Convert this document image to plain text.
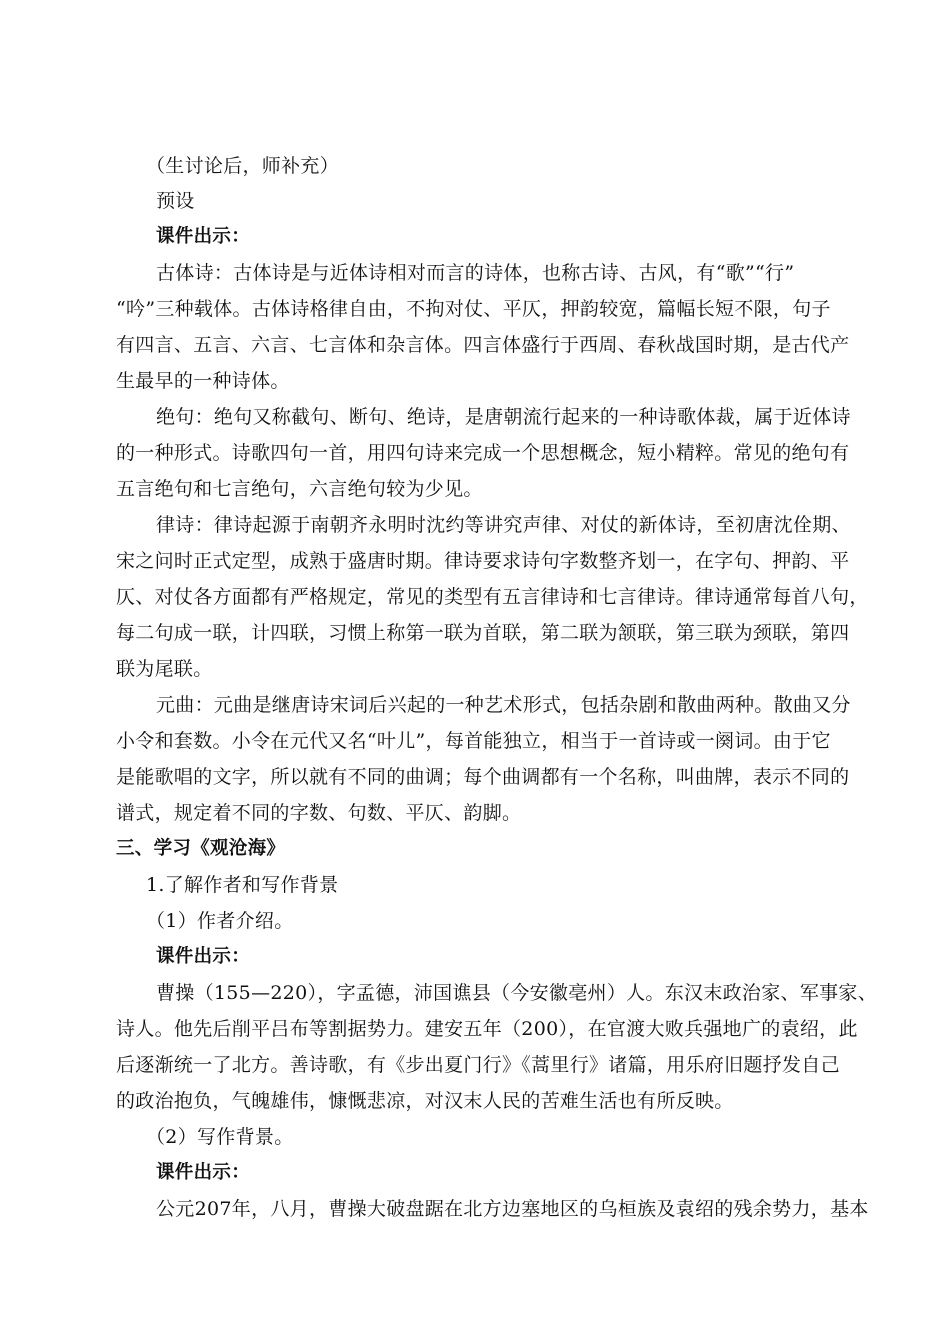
（生讨论后，师补充）
预设
课件出示：
古体诗：古体诗是与近体诗相对而言的诗体，也称古诗、古风，有“歌”“行”
“吟”三种载体。古体诗格律自由，不拘对仗、平仄，押韵较宽，篇幅长短不限，句子
有四言、五言、六言、七言体和杂言体。四言体盛行于西周、春秋战国时期，是古代产
生最早的一种诗体。
绝句：绝句又称截句、断句、绝诗，是唐朝流行起来的一种诗歌体裁，属于近体诗
的一种形式。诗歌四句一首，用四句诗来完成一个思想概念，短小精粹。常见的绝句有
五言绝句和七言绝句，六言绝句较为少见。
律诗：律诗起源于南朝齐永明时沈约等讲究声律、对仗的新体诗，至初唐沈佺期、
宋之问时正式定型，成熟于盛唐时期。律诗要求诗句字数整齐划一，在字句、押韵、平
仄、对仗各方面都有严格规定，常见的类型有五言律诗和七言律诗。律诗通常每首八句，
每二句成一联，计四联，习惯上称第一联为首联，第二联为颔联，第三联为颈联，第四
联为尾联。
元曲：元曲是继唐诗宋词后兴起的一种艺术形式，包括杂剧和散曲两种。散曲又分
小令和套数。小令在元代又名“叶儿”，每首能独立，相当于一首诗或一阕词。由于它
是能歌唱的文字，所以就有不同的曲调；每个曲调都有一个名称，叫曲牌，表示不同的
谱式，规定着不同的字数、句数、平仄、韵脚。
三、学习《观沧海》
1.了解作者和写作背景
（1）作者介绍。
课件出示：
曹操（155—220），字孟德，沛国谯县（今安徽亳州）人。东汉末政治家、军事家、
诗人。他先后削平吕布等割据势力。建安五年（200），在官渡大败兵强地广的袁绍，此
后逐渐统一了北方。善诗歌，有《步出夏门行》《蒿里行》诸篇，用乐府旧题抒发自己
的政治抱负，气魄雄伟，慷慨悲凉，对汉末人民的苦难生活也有所反映。
（2）写作背景。
课件出示：
公元207年，八月，曹操大破盘踞在北方边塞地区的乌桓族及袁绍的残余势力，基本
